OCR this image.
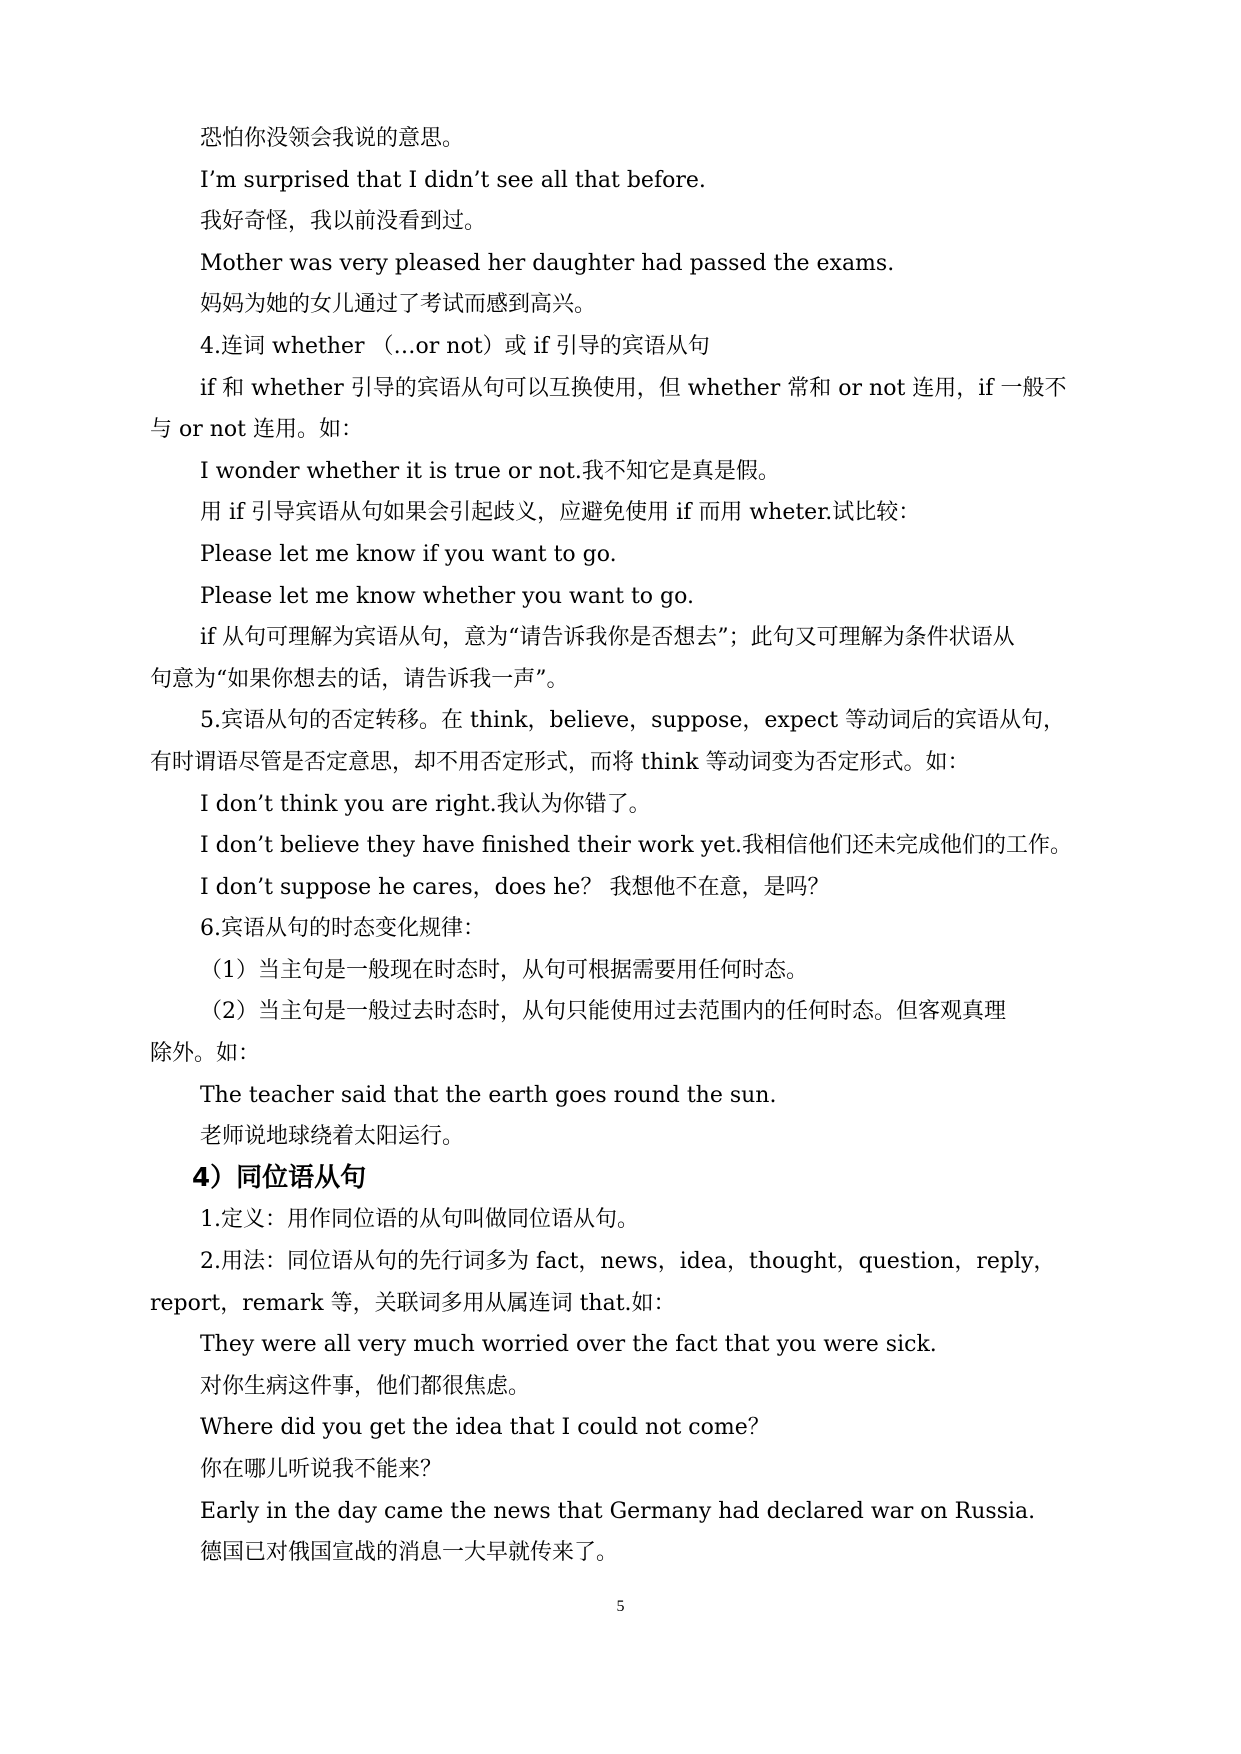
恐怕你没领会我说的意思。
I’m surprised that I didn’t see all that before.
我好奇怪，我以前没看到过。
Mother was very pleased her daughter had passed the exams.
妈妈为她的女儿通过了考试而感到高兴。
4.连词 whether （…or not）或 if 引导的宾语从句
if 和 whether 引导的宾语从句可以互换使用，但 whether 常和 or not 连用，if 一般不
与 or not 连用。如：
I wonder whether it is true or not.我不知它是真是假。
用 if 引导宾语从句如果会引起歧义，应避免使用 if 而用 wheter.试比较：
Please let me know if you want to go.
Please let me know whether you want to go.
if 从句可理解为宾语从句，意为“请告诉我你是否想去”；此句又可理解为条件状语从
句意为“如果你想去的话，请告诉我一声”。
5.宾语从句的否定转移。在 think，believe，suppose，expect 等动词后的宾语从句，
有时谓语尽管是否定意思，却不用否定形式，而将 think 等动词变为否定形式。如：
I don’t think you are right.我认为你错了。
I don’t believe they have finished their work yet.我相信他们还未完成他们的工作。
I don’t suppose he cares，does he？ 我想他不在意，是吗？
6.宾语从句的时态变化规律：
（1）当主句是一般现在时态时，从句可根据需要用任何时态。
（2）当主句是一般过去时态时，从句只能使用过去范围内的任何时态。但客观真理
除外。如：
The teacher said that the earth goes round the sun.
老师说地球绕着太阳运行。
4）同位语从句
1.定义：用作同位语的从句叫做同位语从句。
2.用法：同位语从句的先行词多为 fact，news，idea，thought，question，reply，
report，remark 等，关联词多用从属连词 that.如：
They were all very much worried over the fact that you were sick.
对你生病这件事，他们都很焦虑。
Where did you get the idea that I could not come？
你在哪儿听说我不能来？
Early in the day came the news that Germany had declared war on Russia.
德国已对俄国宣战的消息一大早就传来了。
5
